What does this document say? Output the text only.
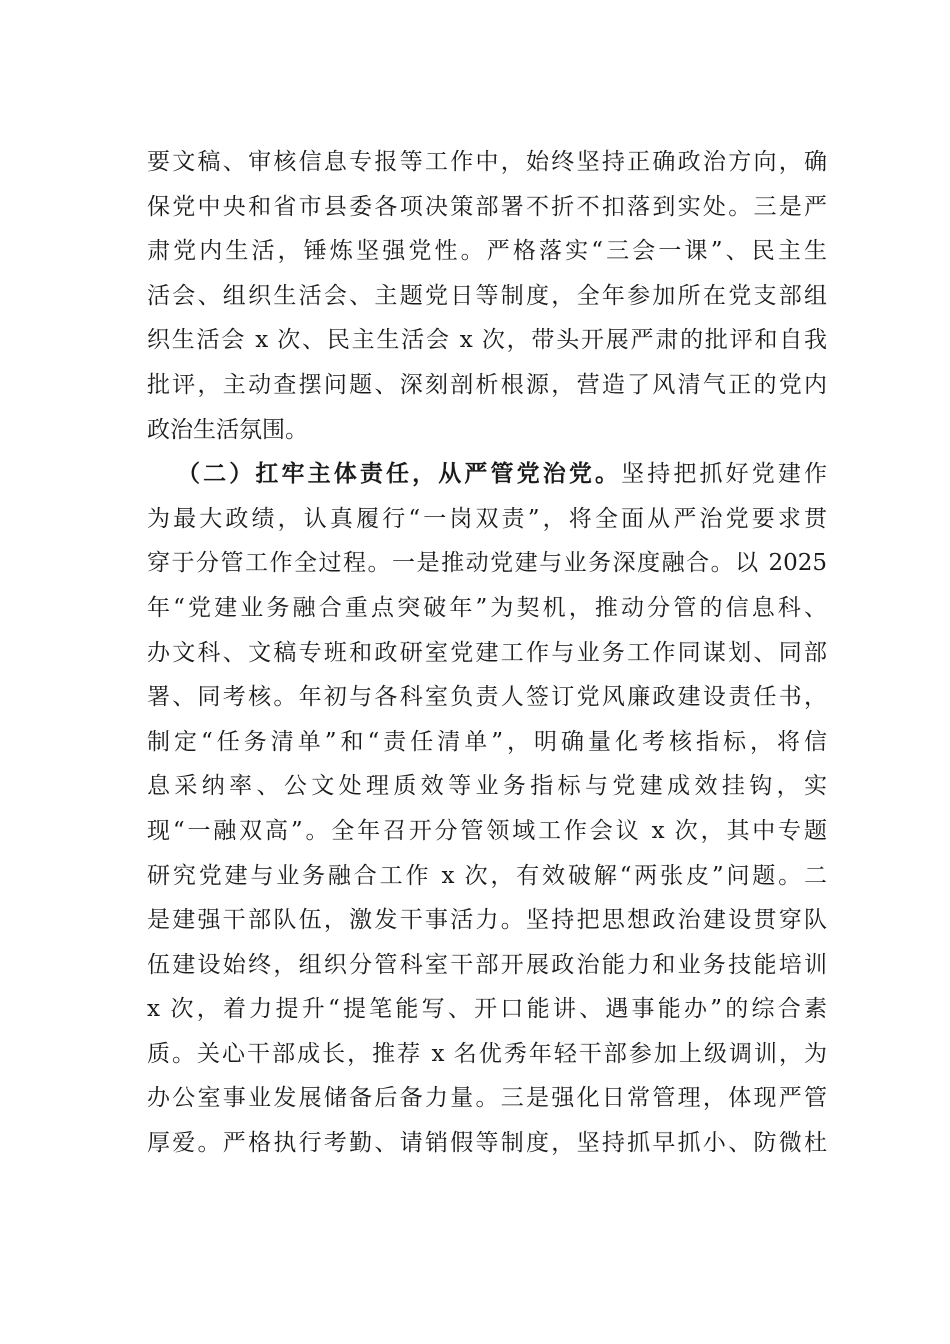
要文稿、审核信息专报等工作中，始终坚持正确政治方向，确
保党中央和省市县委各项决策部署不折不扣落到实处。三是严
肃党内生活，锤炼坚强党性。严格落实“三会一课”、民主生
活会、组织生活会、主题党日等制度，全年参加所在党支部组
织生活会 x 次、民主生活会 x 次，带头开展严肃的批评和自我
批评，主动查摆问题、深刻剖析根源，营造了风清气正的党内
政治生活氛围。
（二）扛牢主体责任，从严管党治党。坚持把抓好党建作
为最大政绩，认真履行“一岗双责”，将全面从严治党要求贯
穿于分管工作全过程。一是推动党建与业务深度融合。以 2025
年“党建业务融合重点突破年”为契机，推动分管的信息科、
办文科、文稿专班和政研室党建工作与业务工作同谋划、同部
署、同考核。年初与各科室负责人签订党风廉政建设责任书，
制定“任务清单”和“责任清单”，明确量化考核指标，将信
息采纳率、公文处理质效等业务指标与党建成效挂钩，实
现“一融双高”。全年召开分管领域工作会议 x 次，其中专题
研究党建与业务融合工作 x 次，有效破解“两张皮”问题。二
是建强干部队伍，激发干事活力。坚持把思想政治建设贯穿队
伍建设始终，组织分管科室干部开展政治能力和业务技能培训
x 次，着力提升“提笔能写、开口能讲、遇事能办”的综合素
质。关心干部成长，推荐 x 名优秀年轻干部参加上级调训，为
办公室事业发展储备后备力量。三是强化日常管理，体现严管
厚爱。严格执行考勤、请销假等制度，坚持抓早抓小、防微杜
